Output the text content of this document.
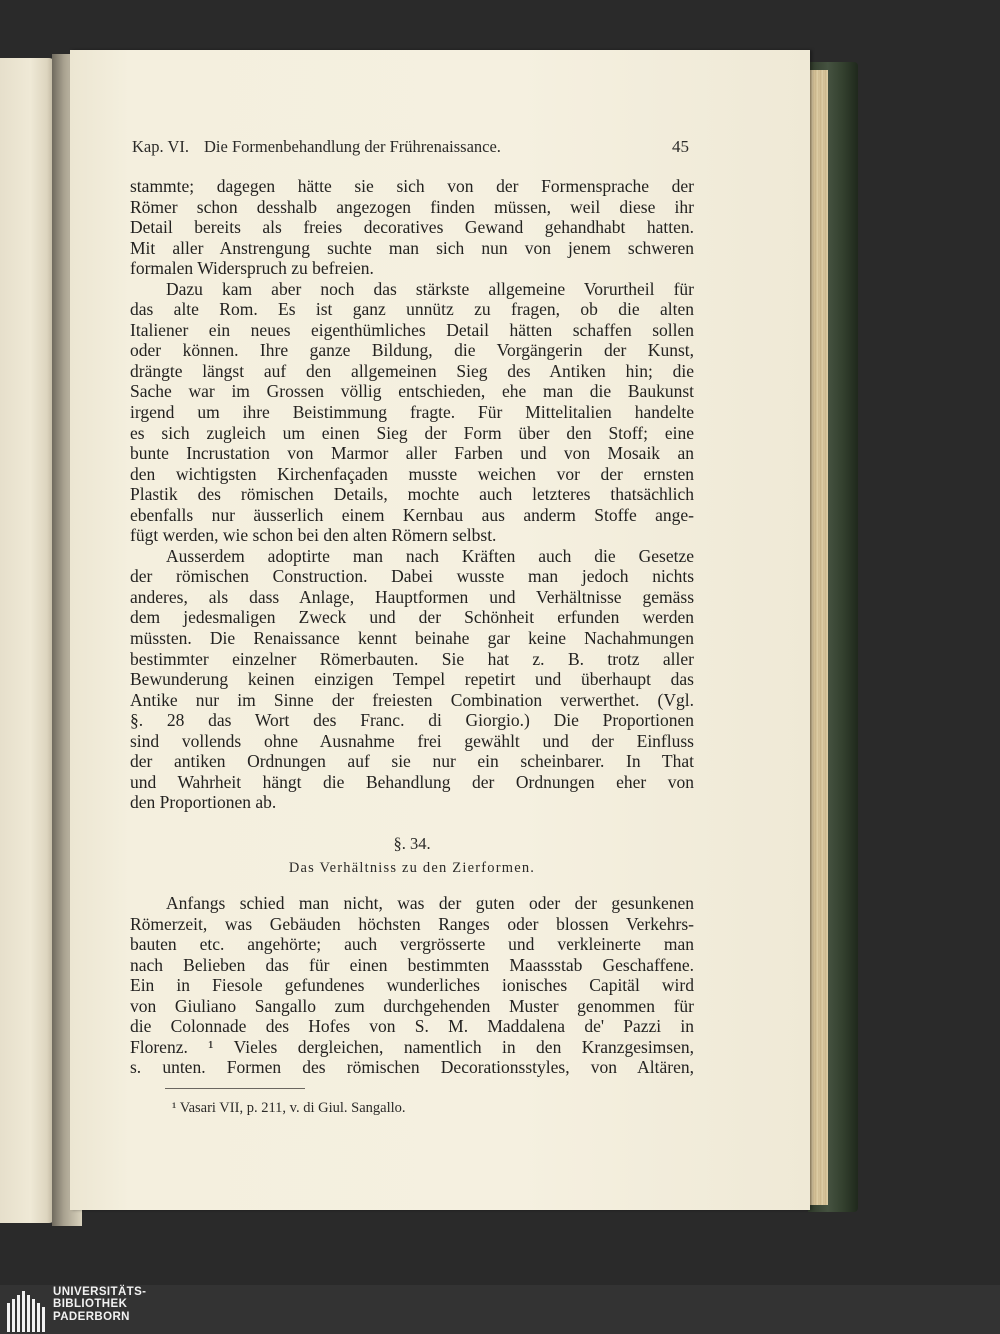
Kap. VI. Die Formenbehandlung der Frührenaissance.	45
stammte; dagegen hätte sie sich von der Formensprache der
Römer schon desshalb angezogen finden müssen, weil diese ihr
Detail bereits als freies decoratives Gewand gehandhabt hatten.
Mit aller Anstrengung suchte man sich nun von jenem schweren
formalen Widerspruch zu befreien.
Dazu kam aber noch das stärkste allgemeine Vorurtheil für
das alte Rom. Es ist ganz unnütz zu fragen, ob die alten
Italiener ein neues eigenthümliches Detail hätten schaffen sollen
oder können. Ihre ganze Bildung, die Vorgängerin der Kunst,
drängte längst auf den allgemeinen Sieg des Antiken hin; die
Sache war im Grossen völlig entschieden, ehe man die Baukunst
irgend um ihre Beistimmung fragte. Für Mittelitalien handelte
es sich zugleich um einen Sieg der Form über den Stoff; eine
bunte Incrustation von Marmor aller Farben und von Mosaik an
den wichtigsten Kirchenfaçaden musste weichen vor der ernsten
Plastik des römischen Details, mochte auch letzteres thatsächlich
ebenfalls nur äusserlich einem Kernbau aus anderm Stoffe ange-
fügt werden, wie schon bei den alten Römern selbst.
Ausserdem adoptirte man nach Kräften auch die Gesetze
der römischen Construction. Dabei wusste man jedoch nichts
anderes, als dass Anlage, Hauptformen und Verhältnisse gemäss
dem jedesmaligen Zweck und der Schönheit erfunden werden
müssten. Die Renaissance kennt beinahe gar keine Nachahmungen
bestimmter einzelner Römerbauten. Sie hat z. B. trotz aller
Bewunderung keinen einzigen Tempel repetirt und überhaupt das
Antike nur im Sinne der freiesten Combination verwerthet. (Vgl.
§. 28 das Wort des Franc. di Giorgio.) Die Proportionen
sind vollends ohne Ausnahme frei gewählt und der Einfluss
der antiken Ordnungen auf sie nur ein scheinbarer. In That
und Wahrheit hängt die Behandlung der Ordnungen eher von
den Proportionen ab.
§. 34.
Das Verhältniss zu den Zierformen.
Anfangs schied man nicht, was der guten oder der gesunkenen
Römerzeit, was Gebäuden höchsten Ranges oder blossen Verkehrs-
bauten etc. angehörte; auch vergrösserte und verkleinerte man
nach Belieben das für einen bestimmten Maassstab Geschaffene.
Ein in Fiesole gefundenes wunderliches ionisches Capitäl wird
von Giuliano Sangallo zum durchgehenden Muster genommen für
die Colonnade des Hofes von S. M. Maddalena de' Pazzi in
Florenz. ¹ Vieles dergleichen, namentlich in den Kranzgesimsen,
s. unten. Formen des römischen Decorationsstyles, von Altären,
¹ Vasari VII, p. 211, v. di Giul. Sangallo.
UNIVERSITÄTS-
BIBLIOTHEK
PADERBORN
